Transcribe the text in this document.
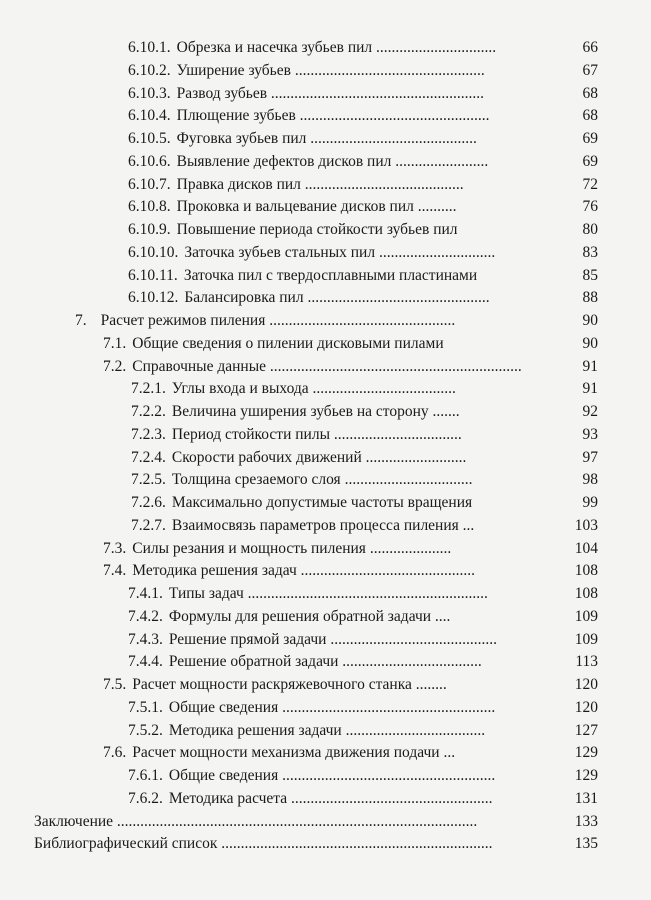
6.10.1. Обрезка и насечка зубьев пил ...............................	66
6.10.2. Уширение зубьев .................................................	67
6.10.3. Развод зубьев .......................................................	68
6.10.4. Плющение зубьев .................................................	68
6.10.5. Фуговка зубьев пил ...........................................	69
6.10.6. Выявление дефектов дисков пил ........................	69
6.10.7. Правка дисков пил .........................................	72
6.10.8. Проковка и вальцевание дисков пил ..........	76
6.10.9. Повышение периода стойкости зубьев пил	80
6.10.10. Заточка зубьев стальных пил ..............................	83
6.10.11. Заточка пил с твердосплавными пластинами	85
6.10.12. Балансировка пил ...............................................	88
7. Расчет режимов пиления ................................................	90
7.1. Общие сведения о пилении дисковыми пилами	90
7.2. Справочные данные .................................................................	91
7.2.1. Углы входа и выхода .....................................	91
7.2.2. Величина уширения зубьев на сторону .......	92
7.2.3. Период стойкости пилы .................................	93
7.2.4. Скорости рабочих движений ..........................	97
7.2.5. Толщина срезаемого слоя .................................	98
7.2.6. Максимально допустимые частоты вращения	99
7.2.7. Взаимосвязь параметров процесса пиления ...	103
7.3. Силы резания и мощность пиления .....................	104
7.4. Методика решения задач .............................................	108
7.4.1. Типы задач ..............................................................	108
7.4.2. Формулы для решения обратной задачи ....	109
7.4.3. Решение прямой задачи ...........................................	109
7.4.4. Решение обратной задачи ....................................	113
7.5. Расчет мощности раскряжевочного станка ........	120
7.5.1. Общие сведения .......................................................	120
7.5.2. Методика решения задачи ....................................	127
7.6. Расчет мощности механизма движения подачи ...	129
7.6.1. Общие сведения .......................................................	129
7.6.2. Методика расчета ....................................................	131
Заключение .............................................................................................	133
Библиографический список ......................................................................	135
